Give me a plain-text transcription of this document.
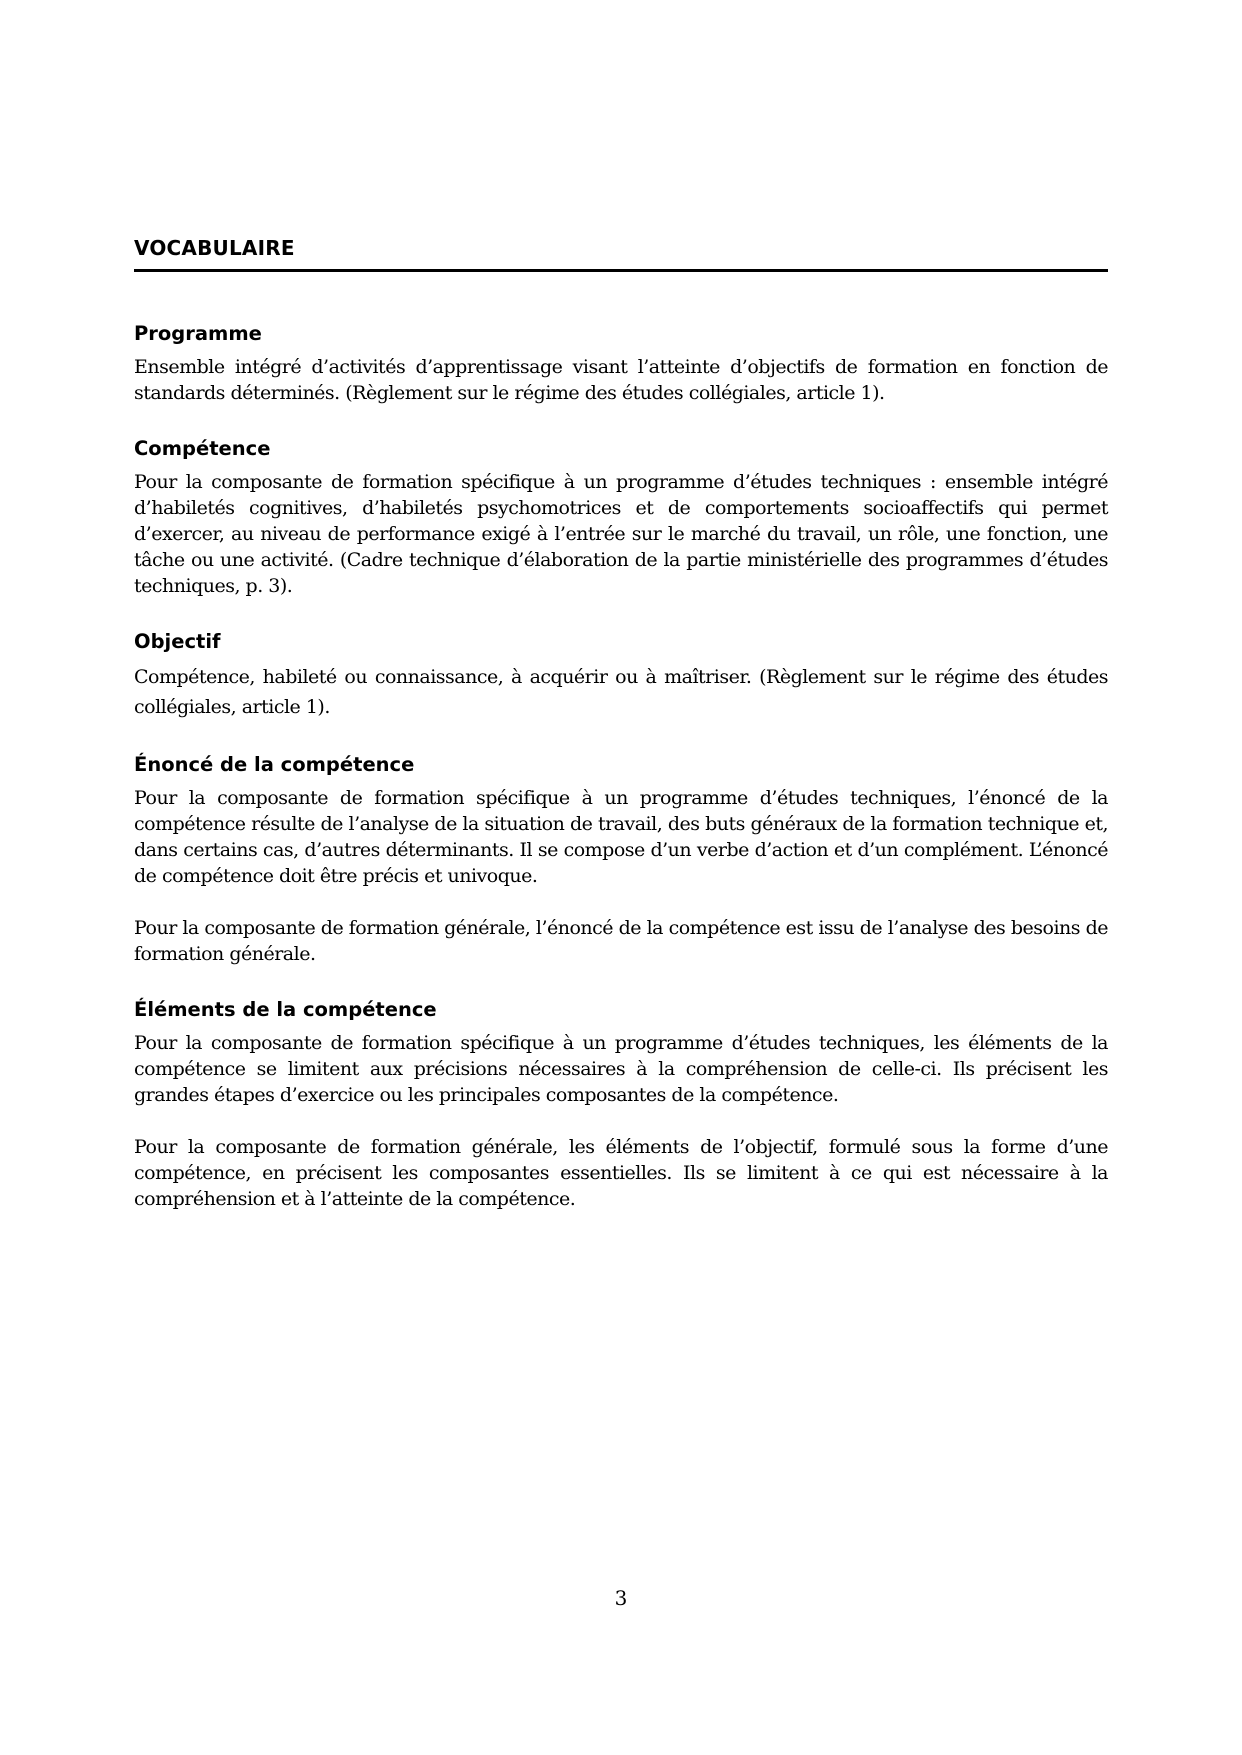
VOCABULAIRE
Programme

Ensemble intégré d’activités d’apprentissage visant l’atteinte d’objectifs de formation en fonction de standards déterminés. (Règlement sur le régime des études collégiales, article 1).

Compétence

Pour la composante de formation spécifique à un programme d’études techniques : ensemble intégré d’habiletés cognitives, d’habiletés psychomotrices et de comportements socioaffectifs qui permet d’exercer, au niveau de performance exigé à l’entrée sur le marché du travail, un rôle, une fonction, une tâche ou une activité. (Cadre technique d’élaboration de la partie ministérielle des programmes d’études techniques, p. 3).

Objectif

Compétence, habileté ou connaissance, à acquérir ou à maîtriser. (Règlement sur le régime des études collégiales, article 1).

Énoncé de la compétence

Pour la composante de formation spécifique à un programme d’études techniques, l’énoncé de la compétence résulte de l’analyse de la situation de travail, des buts généraux de la formation technique et, dans certains cas, d’autres déterminants. Il se compose d’un verbe d’action et d’un complément. L’énoncé de compétence doit être précis et univoque.

Pour la composante de formation générale, l’énoncé de la compétence est issu de l’analyse des besoins de formation générale.

Éléments de la compétence

Pour la composante de formation spécifique à un programme d’études techniques, les éléments de la compétence se limitent aux précisions nécessaires à la compréhension de celle-ci. Ils précisent les grandes étapes d’exercice ou les principales composantes de la compétence.

Pour la composante de formation générale, les éléments de l’objectif, formulé sous la forme d’une compétence, en précisent les composantes essentielles. Ils se limitent à ce qui est nécessaire à la compréhension et à l’atteinte de la compétence.

3
